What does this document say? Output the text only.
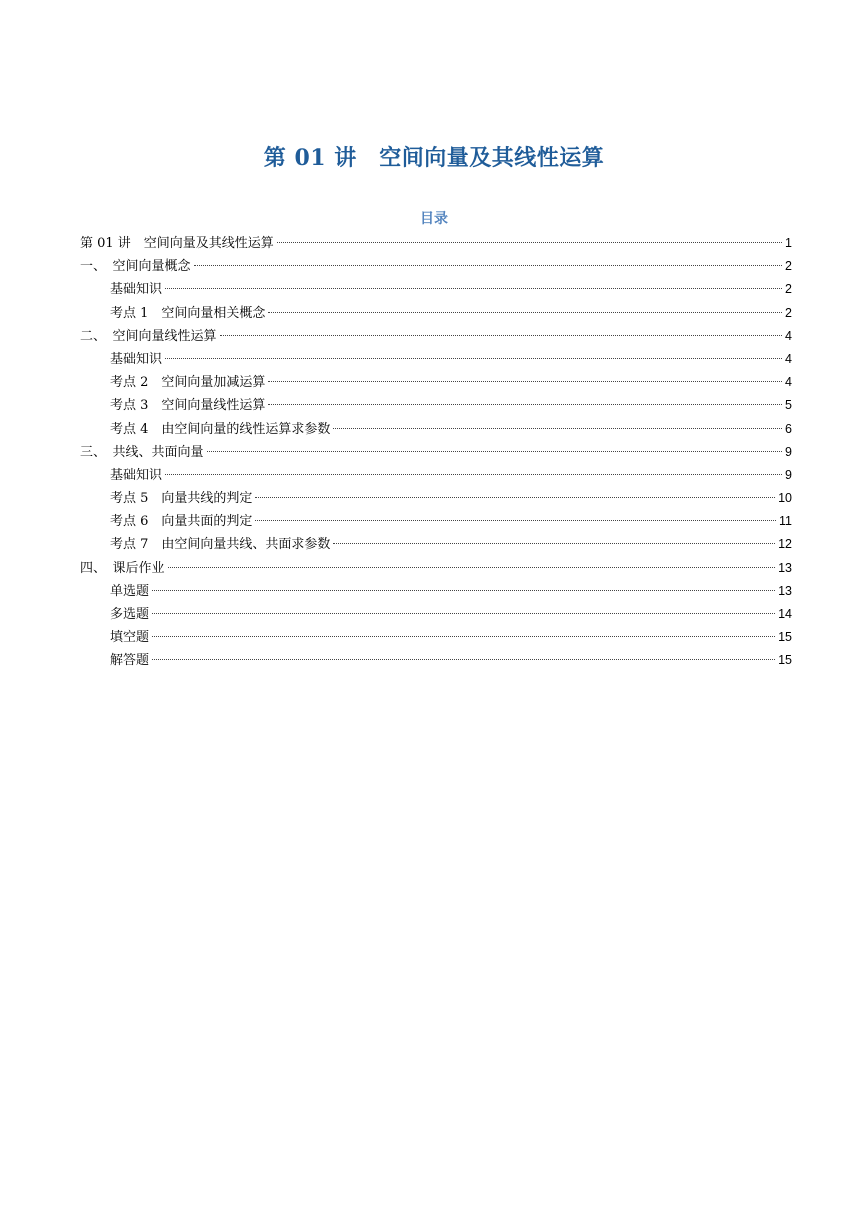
第 01 讲　空间向量及其线性运算
目录
第 01 讲　空间向量及其线性运算	1
一、　空间向量概念	2
基础知识	2
考点 1　空间向量相关概念	2
二、　空间向量线性运算	4
基础知识	4
考点 2　空间向量加减运算	4
考点 3　空间向量线性运算	5
考点 4　由空间向量的线性运算求参数	6
三、　共线、共面向量	9
基础知识	9
考点 5　向量共线的判定	10
考点 6　向量共面的判定	11
考点 7　由空间向量共线、共面求参数	12
四、　课后作业	13
单选题	13
多选题	14
填空题	15
解答题	15
